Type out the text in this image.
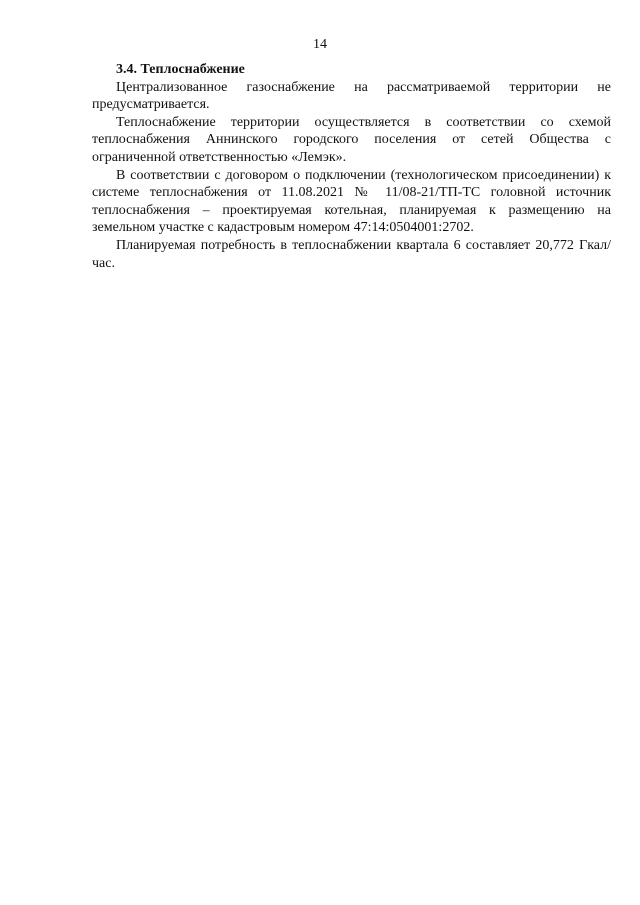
14

3.4. Теплоснабжение

Централизованное газоснабжение на рассматриваемой территории не предусматривается.

Теплоснабжение территории осуществляется в соответствии со схемой теплоснабжения Аннинского городского поселения от сетей Общества с ограниченной ответственностью «Лемэк».

В соответствии с договором о подключении (технологическом присоединении) к системе теплоснабжения от 11.08.2021 № 11/08-21/ТП-ТС головной источник теплоснабжения – проектируемая котельная, планируемая к размещению на земельном участке с кадастровым номером 47:14:0504001:2702.

Планируемая потребность в теплоснабжении квартала 6 составляет 20,772 Гкал/час.
